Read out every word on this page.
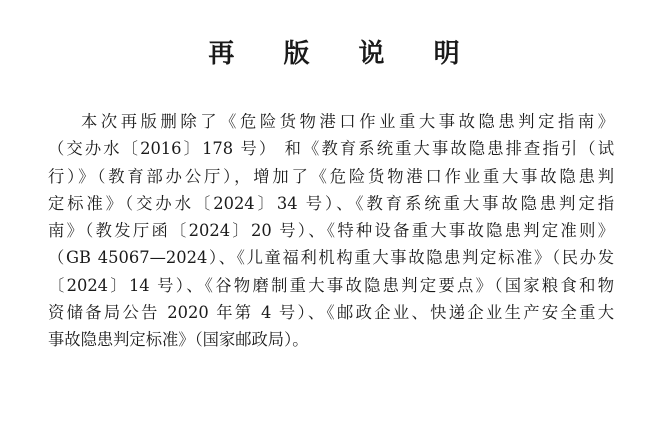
再 版 说 明
本次再版删除了《危险货物港口作业重大事故隐患判定指南》
（交办水〔2016〕178 号） 和《教育系统重大事故隐患排查指引（试
行）》（教育部办公厅），增加了《危险货物港口作业重大事故隐患判
定标准》（交办水〔2024〕34 号）、《教育系统重大事故隐患判定指
南》（教发厅函〔2024〕20 号）、《特种设备重大事故隐患判定准则》
（GB 45067—2024）、《儿童福利机构重大事故隐患判定标准》（民办发
〔2024〕14 号）、《谷物磨制重大事故隐患判定要点》（国家粮食和物
资储备局公告 2020 年第 4 号）、《邮政企业、快递企业生产安全重大
事故隐患判定标准》（国家邮政局）。
